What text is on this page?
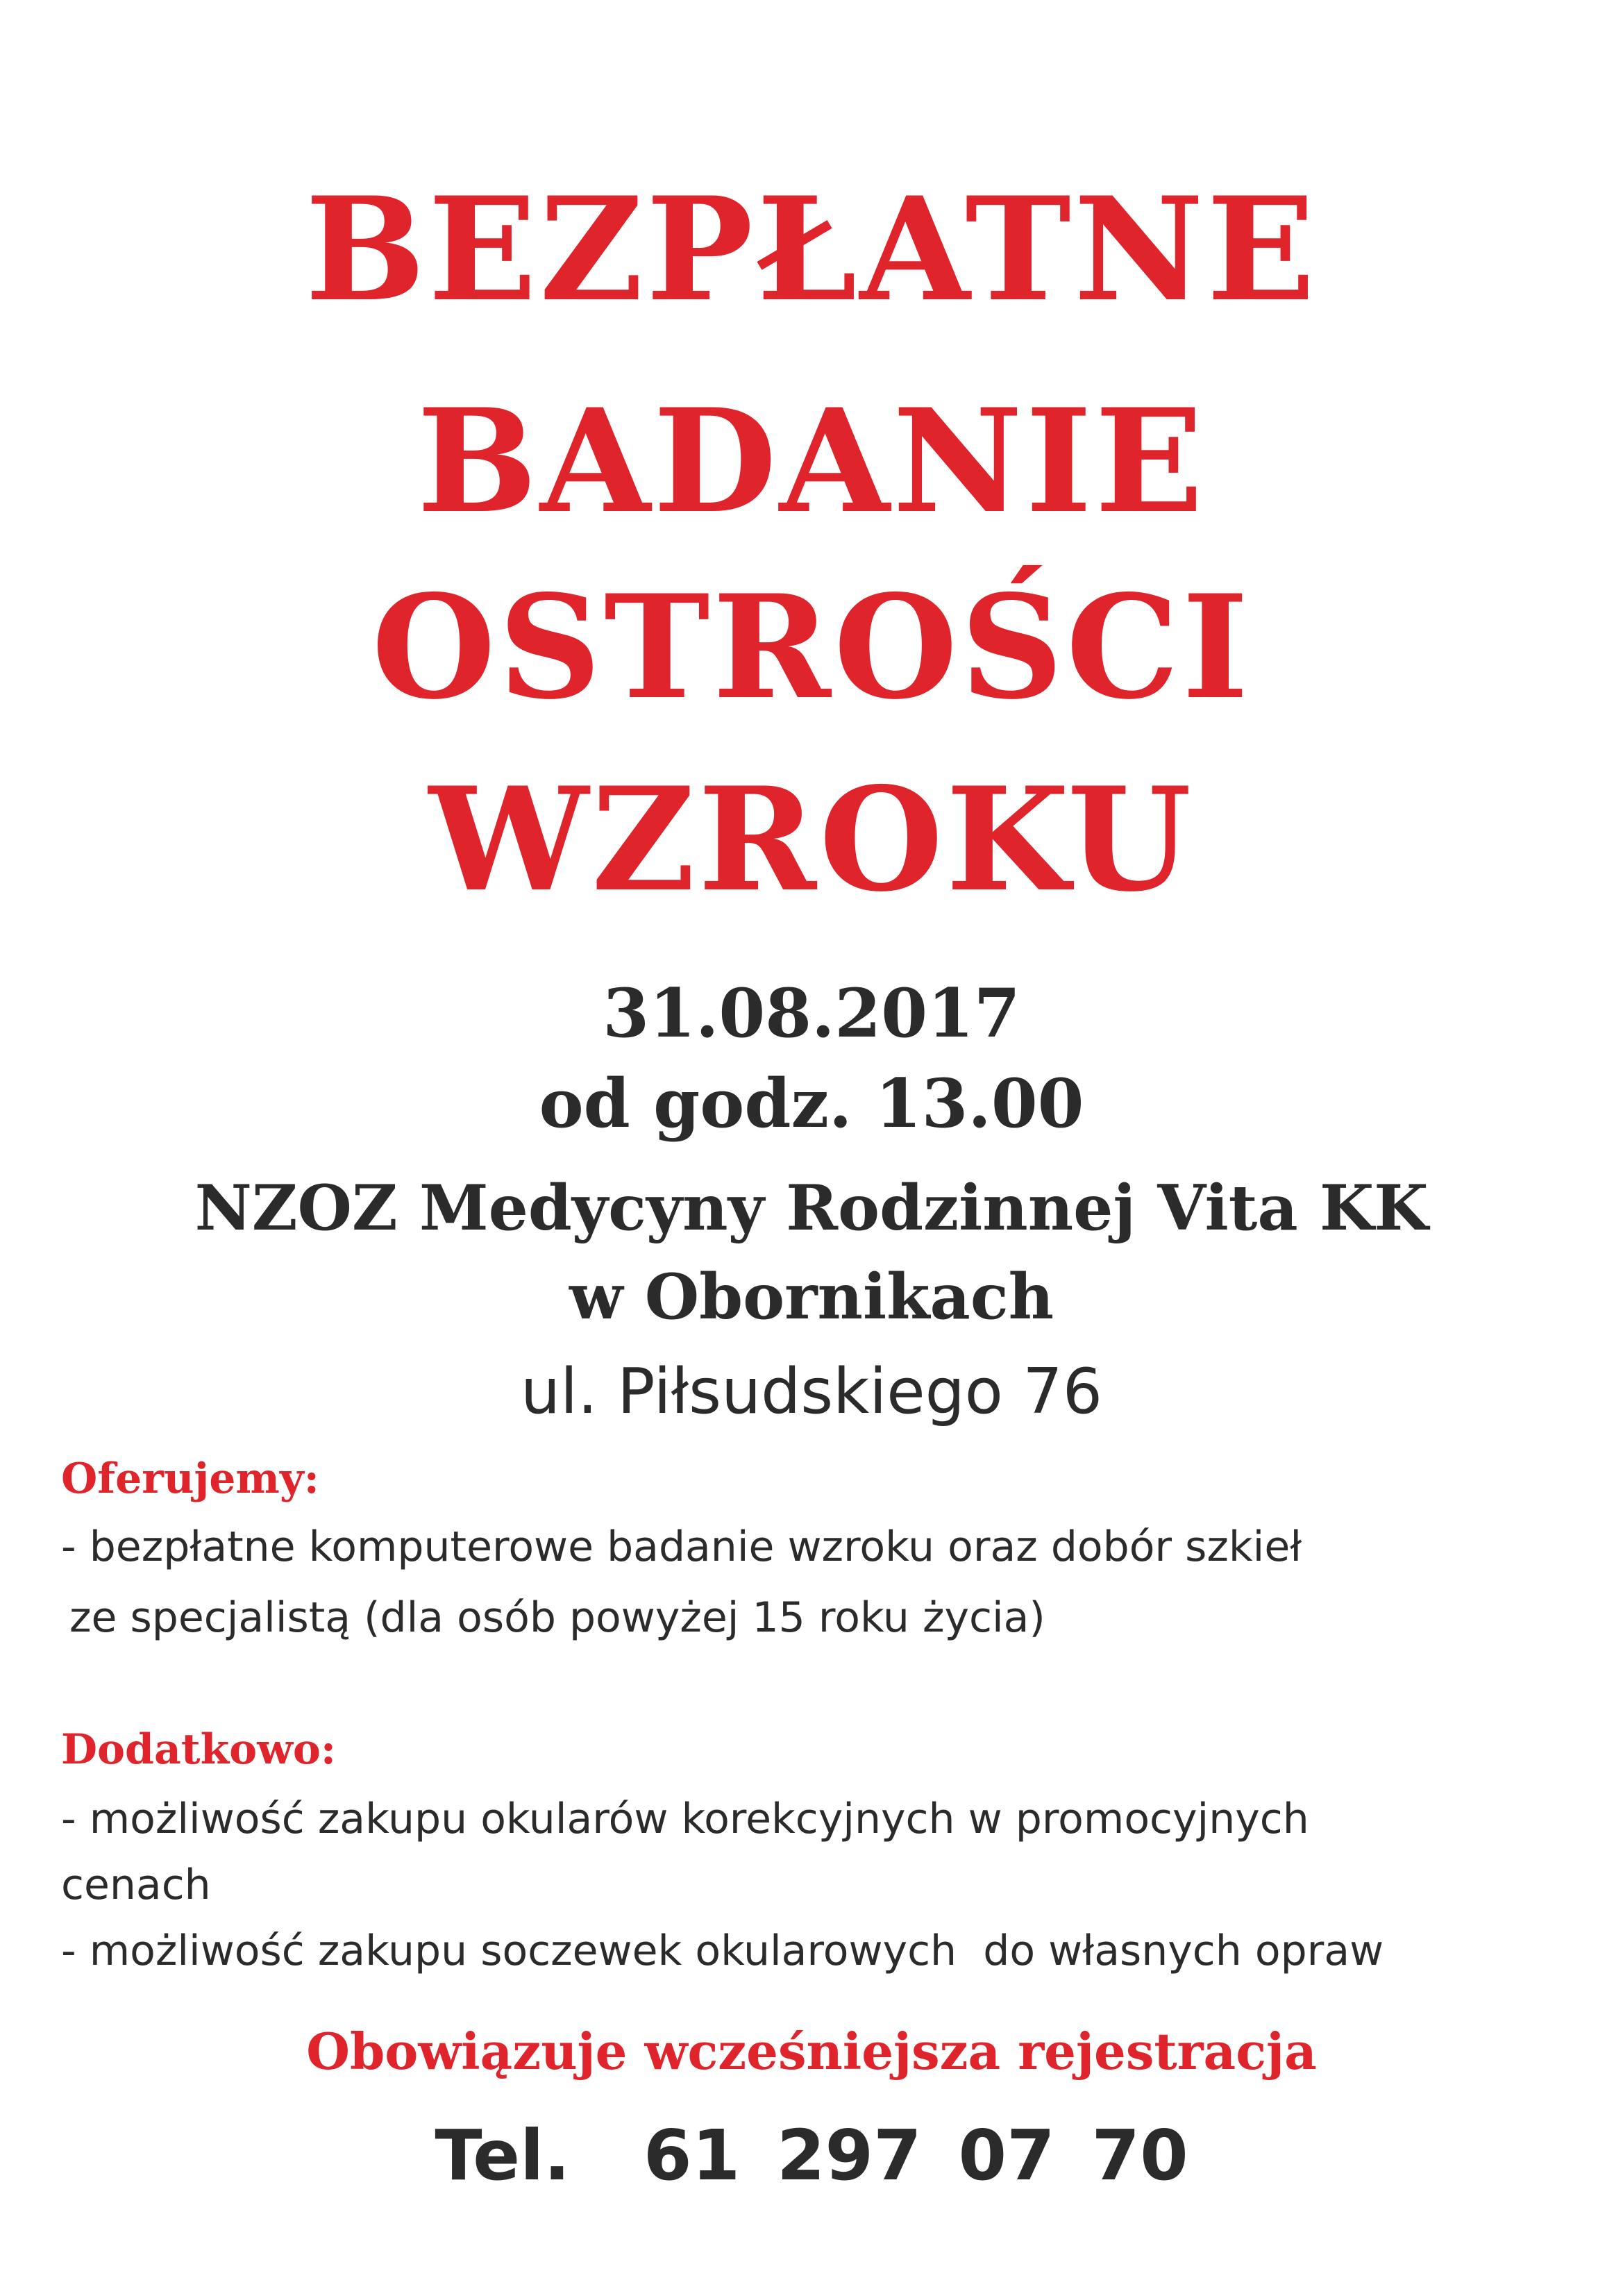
BEZPŁATNE
BADANIE
OSTROŚCI
WZROKU
31.08.2017
od godz. 13.00
NZOZ Medycyny Rodzinnej Vita KK
w Obornikach
ul. Piłsudskiego 76
Oferujemy:
- bezpłatne komputerowe badanie wzroku oraz dobór szkieł
ze specjalistą (dla osób powyżej 15 roku życia)
Dodatkowo:
- możliwość zakupu okularów korekcyjnych w promocyjnych
cenach
- możliwość zakupu soczewek okularowych  do własnych opraw
Obowiązuje wcześniejsza rejestracja
Tel.  61 297 07 70
